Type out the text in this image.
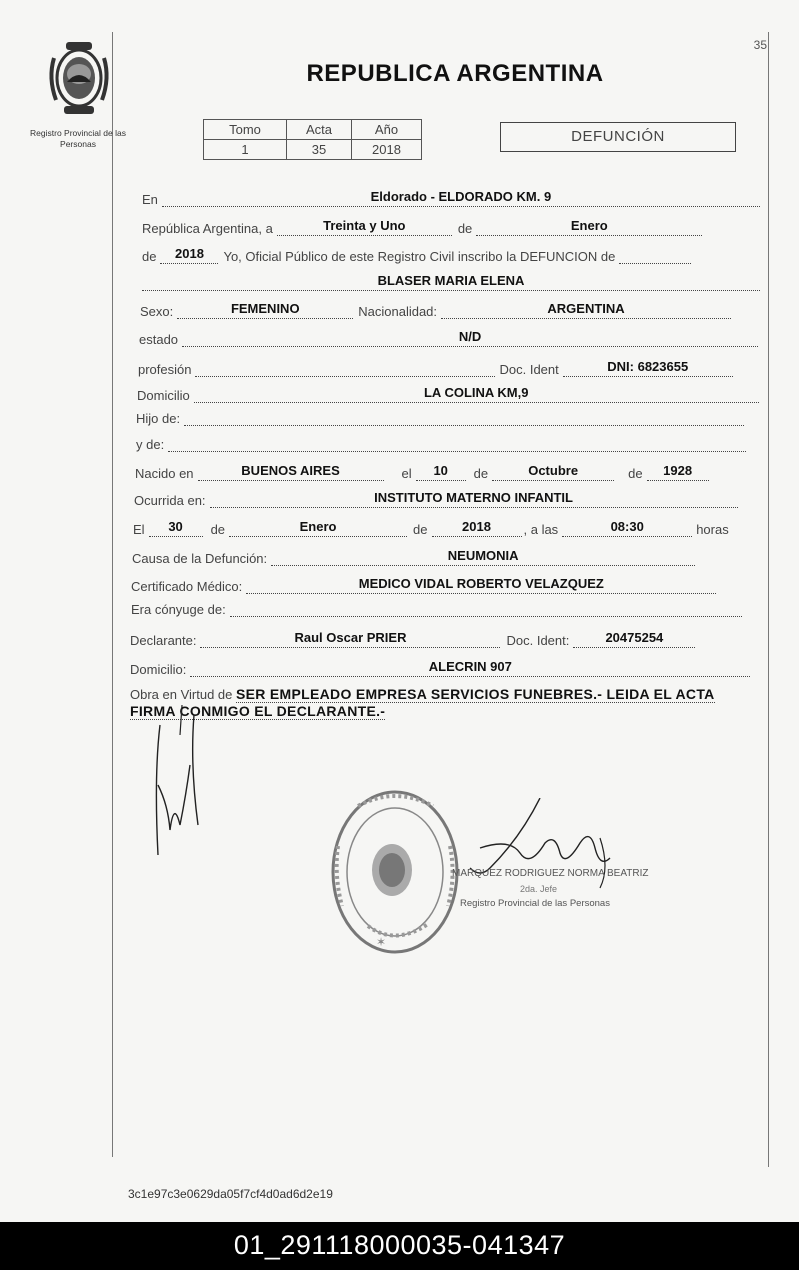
35
Registro Provincial de las Personas
REPUBLICA ARGENTINA
Tomo	Acta	Año
1	35	2018
DEFUNCIÓN
En	Eldorado - ELDORADO KM. 9
República Argentina, a	Treinta y Uno	de	Enero
de	2018	Yo, Oficial Público de este Registro Civil inscribo la DEFUNCION de
BLASER MARIA ELENA
Sexo:	FEMENINO	Nacionalidad:	ARGENTINA
estado	N/D
profesión	Doc. Ident	DNI: 6823655
Domicilio	LA COLINA KM,9
Hijo de:
y de:
Nacido en	BUENOS AIRES	el	10	de	Octubre	de	1928
Ocurrida en:	INSTITUTO MATERNO INFANTIL
El	30	de	Enero	de	2018	, a las	08:30	horas
Causa de la Defunción:	NEUMONIA
Certificado Médico:	MEDICO VIDAL ROBERTO VELAZQUEZ
Era cónyuge de:
Declarante:	Raul Oscar PRIER	Doc. Ident:	20475254
Domicilio:	ALECRIN 907
Obra en Virtud de SER EMPLEADO EMPRESA SERVICIOS FUNEBRES.- LEIDA EL ACTA FIRMA CONMIGO EL DECLARANTE.-
✶
MARQUEZ RODRIGUEZ NORMA BEATRIZ
2da. Jefe
Registro Provincial de las Personas
3c1e97c3e0629da05f7cf4d0ad6d2e19
01_291118000035-041347
